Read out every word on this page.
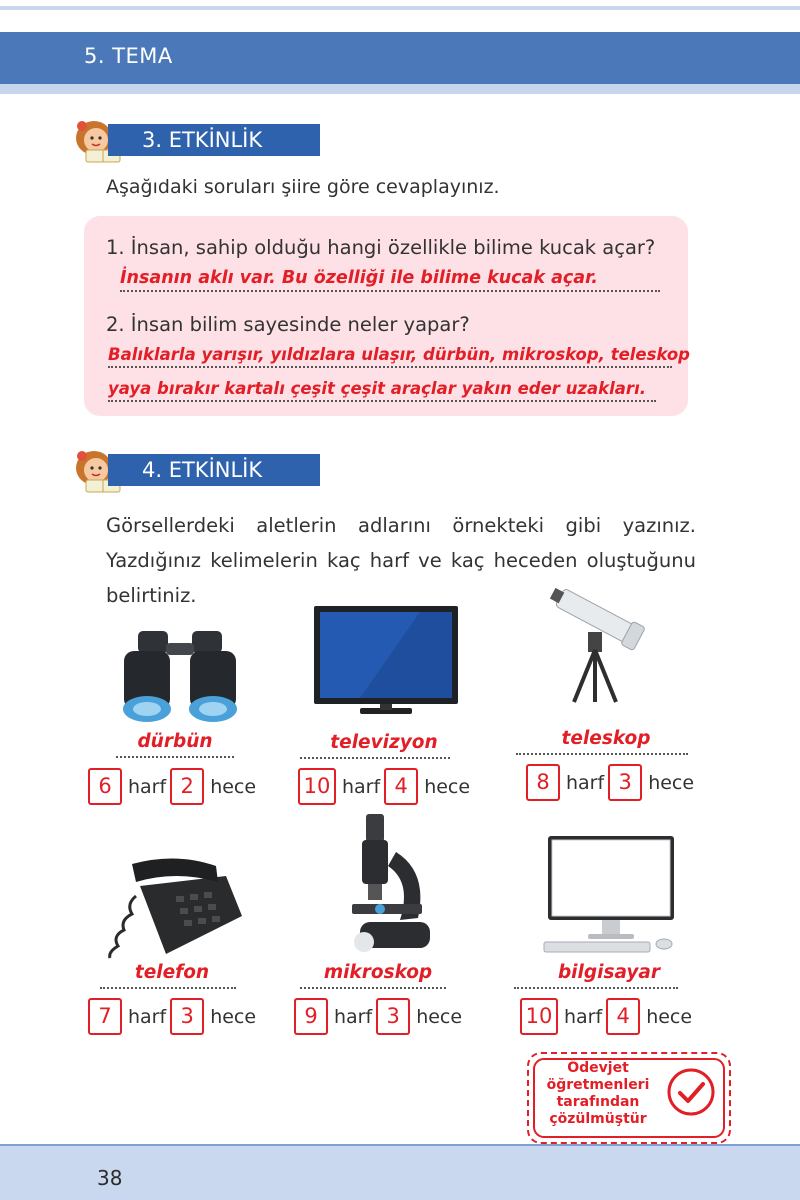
5. TEMA
3. ETKİNLİK
Aşağıdaki soruları şiire göre cevaplayınız.
1. İnsan, sahip olduğu hangi özellikle bilime kucak açar?
İnsanın aklı var. Bu özelliği ile bilime kucak açar.
2. İnsan bilim sayesinde neler yapar?
Balıklarla yarışır, yıldızlara ulaşır, dürbün, mikroskop, teleskop
yaya bırakır kartalı çeşit çeşit araçlar yakın eder uzakları.
4. ETKİNLİK
Görsellerdeki aletlerin adlarını örnekteki gibi yazınız. Yazdığınız kelimelerin kaç harf ve kaç heceden oluştuğunu belirtiniz.
dürbün
6 harf 2 hece
televizyon
10 harf 4 hece
teleskop
8 harf 3 hece
telefon
7 harf 3 hece
mikroskop
9 harf 3 hece
bilgisayar
10 harf 4 hece
Ödevjet
öğretmenleri
tarafından
çözülmüştür
38
